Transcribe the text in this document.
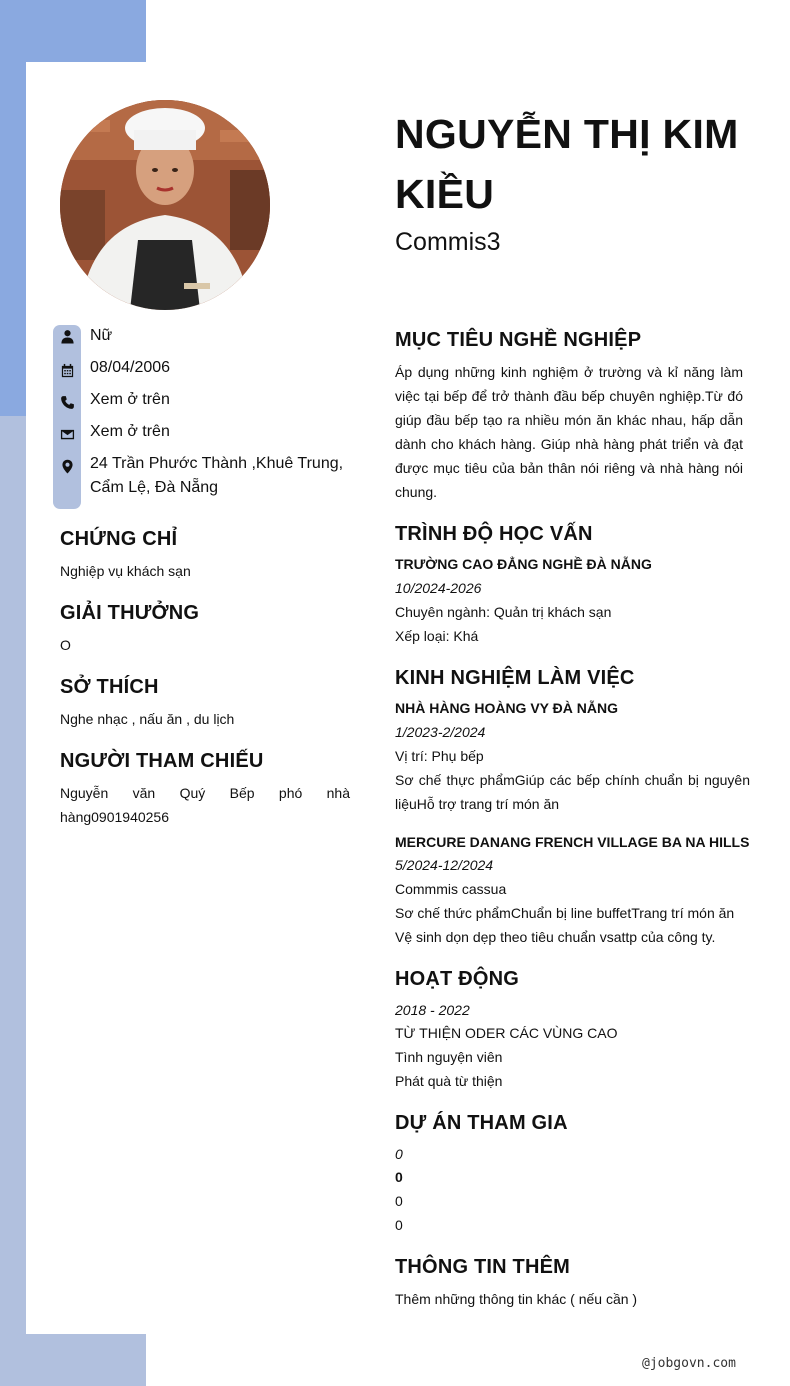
NGUYỄN THỊ KIM KIỀU
Commis3
Nữ
08/04/2006
Xem ở trên
Xem ở trên
24 Trần Phước Thành ,Khuê Trung, Cẩm Lệ, Đà Nẵng
CHỨNG CHỈ
Nghiệp vụ khách sạn
GIẢI THƯỞNG
O
SỞ THÍCH
Nghe nhạc , nấu ăn , du lịch
NGƯỜI THAM CHIẾU
Nguyễn văn Quý Bếp phó nhà hàng0901940256
MỤC TIÊU NGHỀ NGHIỆP
Áp dụng những kinh nghiệm ở trường và kỉ năng làm việc tại bếp để trở thành đầu bếp chuyên nghiệp.Từ đó giúp đầu bếp tạo ra nhiều món ăn khác nhau, hấp dẫn dành cho khách hàng. Giúp nhà hàng phát triển và đạt được mục tiêu của bản thân nói riêng và nhà hàng nói chung.
TRÌNH ĐỘ HỌC VẤN
TRƯỜNG CAO ĐẲNG NGHỀ ĐÀ NẴNG
10/2024-2026
Chuyên ngành: Quản trị khách sạn
Xếp loại: Khá
KINH NGHIỆM LÀM VIỆC
NHÀ HÀNG HOÀNG VY ĐÀ NẴNG
1/2023-2/2024
Vị trí: Phụ bếp
Sơ chế thực phẩmGiúp các bếp chính chuẩn bị nguyên liệuHỗ trợ trang trí món ăn
MERCURE DANANG FRENCH VILLAGE BA NA HILLS
5/2024-12/2024
Commmis cassua
Sơ chế thức phẩmChuẩn bị line buffetTrang trí món ăn Vệ sinh dọn dẹp theo tiêu chuẩn vsattp của công ty.
HOẠT ĐỘNG
2018 - 2022
TỪ THIỆN ODER CÁC VÙNG CAO
Tình nguyện viên
Phát quà từ thiện
DỰ ÁN THAM GIA
0
0
0
0
THÔNG TIN THÊM
Thêm những thông tin khác ( nếu cần )
@jobgovn.com
